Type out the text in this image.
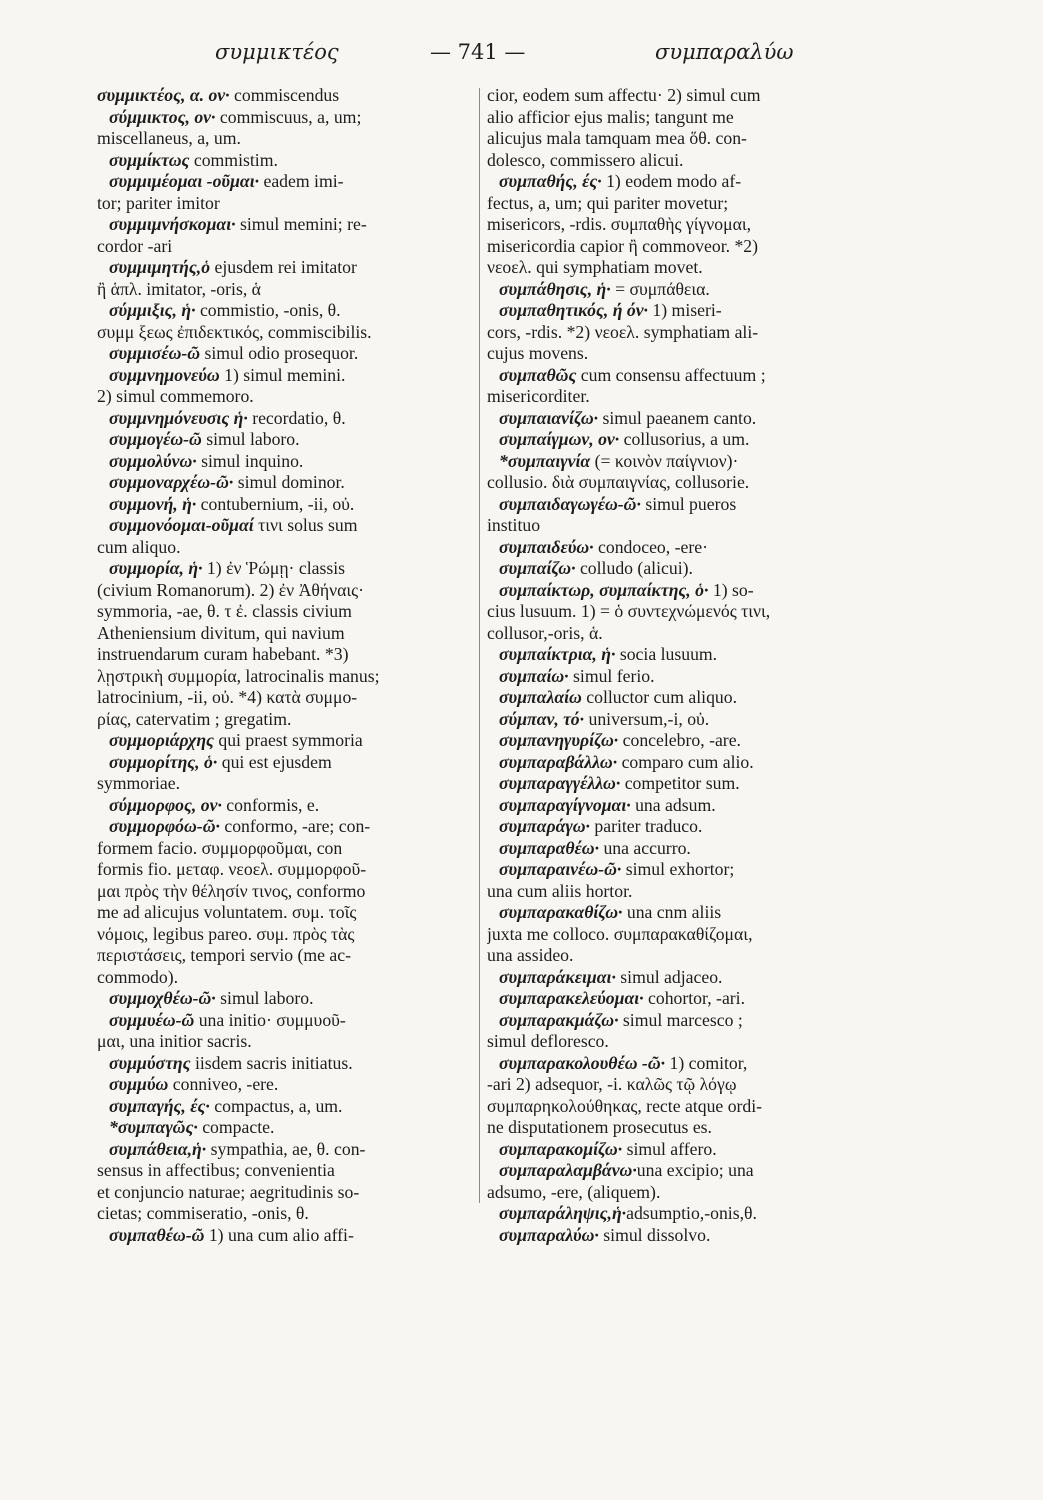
συμμικτέος	— 741 —	συμπαραλύω
συμμικτέος, α. ον· commiscendus
σύμμικτος, ον· commiscuus, a, um;
miscellaneus, a, um.
συμμίκτως commistim.
συμμιμέομαι -οῦμαι· eadem imi-
tor; pariter imitor
συμμιμνήσκομαι· simul memini; re-
cordor -ari
συμμιμητής,ὁ ejusdem rei imitator
ἢ ἁπλ. imitator, -oris, ἁ
σύμμιξις, ἡ· commistio, -onis, θ.
συμμ ξεως ἐπιδεκτικός, commiscibilis.
συμμισέω-ῶ simul odio prosequor.
συμμνημονεύω 1) simul memini.
2) simul commemoro.
συμμνημόνευσις ἡ· recordatio, θ.
συμμογέω-ῶ simul laboro.
συμμολύνω· simul inquino.
συμμοναρχέω-ῶ· simul dominor.
συμμονή, ἡ· contubernium, -ii, οὐ.
συμμονόομαι-οῦμαί τινι solus sum
cum aliquo.
συμμορία, ἡ· 1) ἐν Ῥώμῃ· classis
(civium Romanorum). 2) ἐν Ἀθήναις·
symmoria, -ae, θ. τ ἐ. classis civium
Atheniensium divitum, qui navium
instruendarum curam habebant. *3)
λῃστρικὴ συμμορία, latrocinalis manus;
latrocinium, -ii, οὐ. *4) κατὰ συμμο-
ρίας, catervatim ; gregatim.
συμμοριάρχης qui praest symmoria
συμμορίτης, ὁ· qui est ejusdem
symmoriae.
σύμμορφος, ον· conformis, e.
συμμορφόω-ῶ· conformo, -are; con-
formem facio. συμμορφοῦμαι, con
formis fio. μεταφ. νεοελ. συμμορφοῦ-
μαι πρὸς τὴν θέλησίν τινος, conformo
me ad alicujus voluntatem. συμ. τοῖς
νόμοις, legibus pareo. συμ. πρὸς τὰς
περιστάσεις, tempori servio (me ac-
commodo).
συμμοχθέω-ῶ· simul laboro.
συμμυέω-ῶ una initio· συμμυοῦ-
μαι, una initior sacris.
συμμύστης iisdem sacris initiatus.
συμμύω conniveo, -ere.
συμπαγής, ές· compactus, a, um.
*συμπαγῶς· compacte.
συμπάθεια,ἡ· sympathia, ae, θ. con-
sensus in affectibus; convenientia
et conjuncio naturae; aegritudinis so-
cietas; commiseratio, -onis, θ.
συμπαθέω-ῶ 1) una cum alio affi-
cior, eodem sum affectu· 2) simul cum
alio afficior ejus malis; tangunt me
alicujus mala tamquam mea ὅθ. con-
dolesco, commissero alicui.
συμπαθής, ές· 1) eodem modo af-
fectus, a, um; qui pariter movetur;
misericors, -rdis. συμπαθὴς γίγνομαι,
misericordia capior ἢ commoveor. *2)
νεοελ. qui symphatiam movet.
συμπάθησις, ἡ· = συμπάθεια.
συμπαθητικός, ή όν· 1) miseri-
cors, -rdis. *2) νεοελ. symphatiam ali-
cujus movens.
συμπαθῶς cum consensu affectuum ;
misericorditer.
συμπαιανίζω· simul paeanem canto.
συμπαίγμων, ον· collusorius, a um.
*συμπαιγνία (= κοινὸν παίγνιον)·
collusio. διὰ συμπαιγνίας, collusorie.
συμπαιδαγωγέω-ῶ· simul pueros
instituo
συμπαιδεύω· condoceo, -ere·
συμπαίζω· colludo (alicui).
συμπαίκτωρ, συμπαίκτης, ὁ· 1) so-
cius lusuum. 1) = ὁ συντεχνώμενός τινι,
collusor,-oris, ἁ.
συμπαίκτρια, ἡ· socia lusuum.
συμπαίω· simul ferio.
συμπαλαίω colluctor cum aliquo.
σύμπαν, τό· universum,-i, οὐ.
συμπανηγυρίζω· concelebro, -are.
συμπαραβάλλω· comparo cum alio.
συμπαραγγέλλω· competitor sum.
συμπαραγίγνομαι· una adsum.
συμπαράγω· pariter traduco.
συμπαραθέω· una accurro.
συμπαραινέω-ῶ· simul exhortor;
una cum aliis hortor.
συμπαρακαθίζω· una cnm aliis
juxta me colloco. συμπαρακαθίζομαι,
una assideo.
συμπαράκειμαι· simul adjaceo.
συμπαρακελεύομαι· cohortor, -ari.
συμπαρακμάζω· simul marcesco ;
simul defloresco.
συμπαρακολουθέω -ῶ· 1) comitor,
-ari 2) adsequor, -i. καλῶς τῷ λόγῳ
συμπαρηκολούθηκας, recte atque ordi-
ne disputationem prosecutus es.
συμπαρακομίζω· simul affero.
συμπαραλαμβάνω·una excipio; una
adsumo, -ere, (aliquem).
συμπαράληψις,ἡ·adsumptio,-onis,θ.
συμπαραλύω· simul dissolvo.
